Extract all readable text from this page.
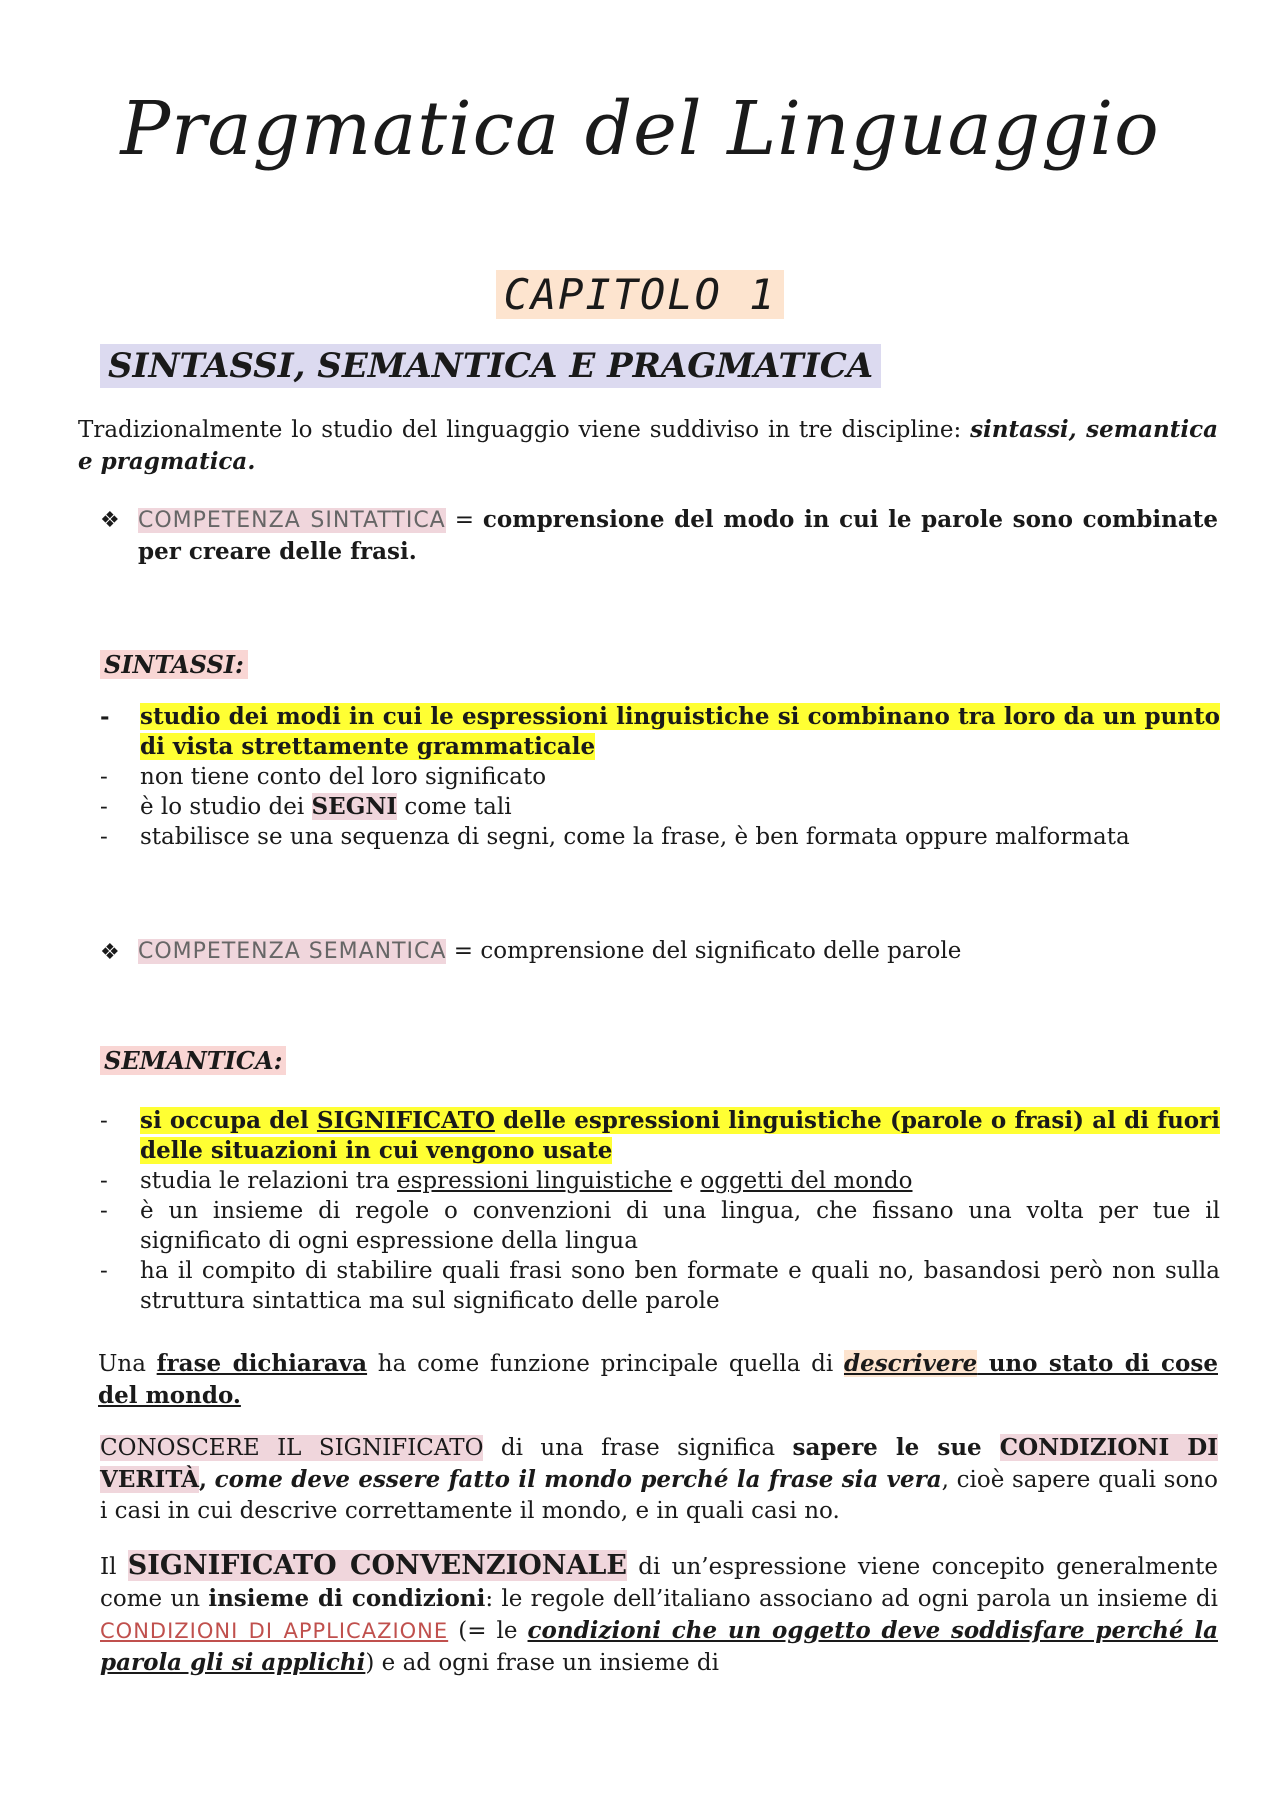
Pragmatica del Linguaggio
CAPITOLO 1
SINTASSI, SEMANTICA E PRAGMATICA
Tradizionalmente lo studio del linguaggio viene suddiviso in tre discipline: sintassi, semantica e pragmatica.
❖ COMPETENZA SINTATTICA = comprensione del modo in cui le parole sono combinate per creare delle frasi.
SINTASSI:
- studio dei modi in cui le espressioni linguistiche si combinano tra loro da un punto di vista strettamente grammaticale
- non tiene conto del loro significato
- è lo studio dei SEGNI come tali
- stabilisce se una sequenza di segni, come la frase, è ben formata oppure malformata
❖ COMPETENZA SEMANTICA = comprensione del significato delle parole
SEMANTICA:
- si occupa del SIGNIFICATO delle espressioni linguistiche (parole o frasi) al di fuori delle situazioni in cui vengono usate
- studia le relazioni tra espressioni linguistiche e oggetti del mondo
- è un insieme di regole o convenzioni di una lingua, che fissano una volta per tue il significato di ogni espressione della lingua
- ha il compito di stabilire quali frasi sono ben formate e quali no, basandosi però non sulla struttura sintattica ma sul significato delle parole
Una frase dichiarava ha come funzione principale quella di descrivere uno stato di cose del mondo.
CONOSCERE IL SIGNIFICATO di una frase significa sapere le sue CONDIZIONI DI VERITÀ, come deve essere fatto il mondo perché la frase sia vera, cioè sapere quali sono i casi in cui descrive correttamente il mondo, e in quali casi no.
Il SIGNIFICATO CONVENZIONALE di un’espressione viene concepito generalmente come un insieme di condizioni: le regole dell’italiano associano ad ogni parola un insieme di CONDIZIONI DI APPLICAZIONE (= le condizioni che un oggetto deve soddisfare perché la parola gli si applichi) e ad ogni frase un insieme di
